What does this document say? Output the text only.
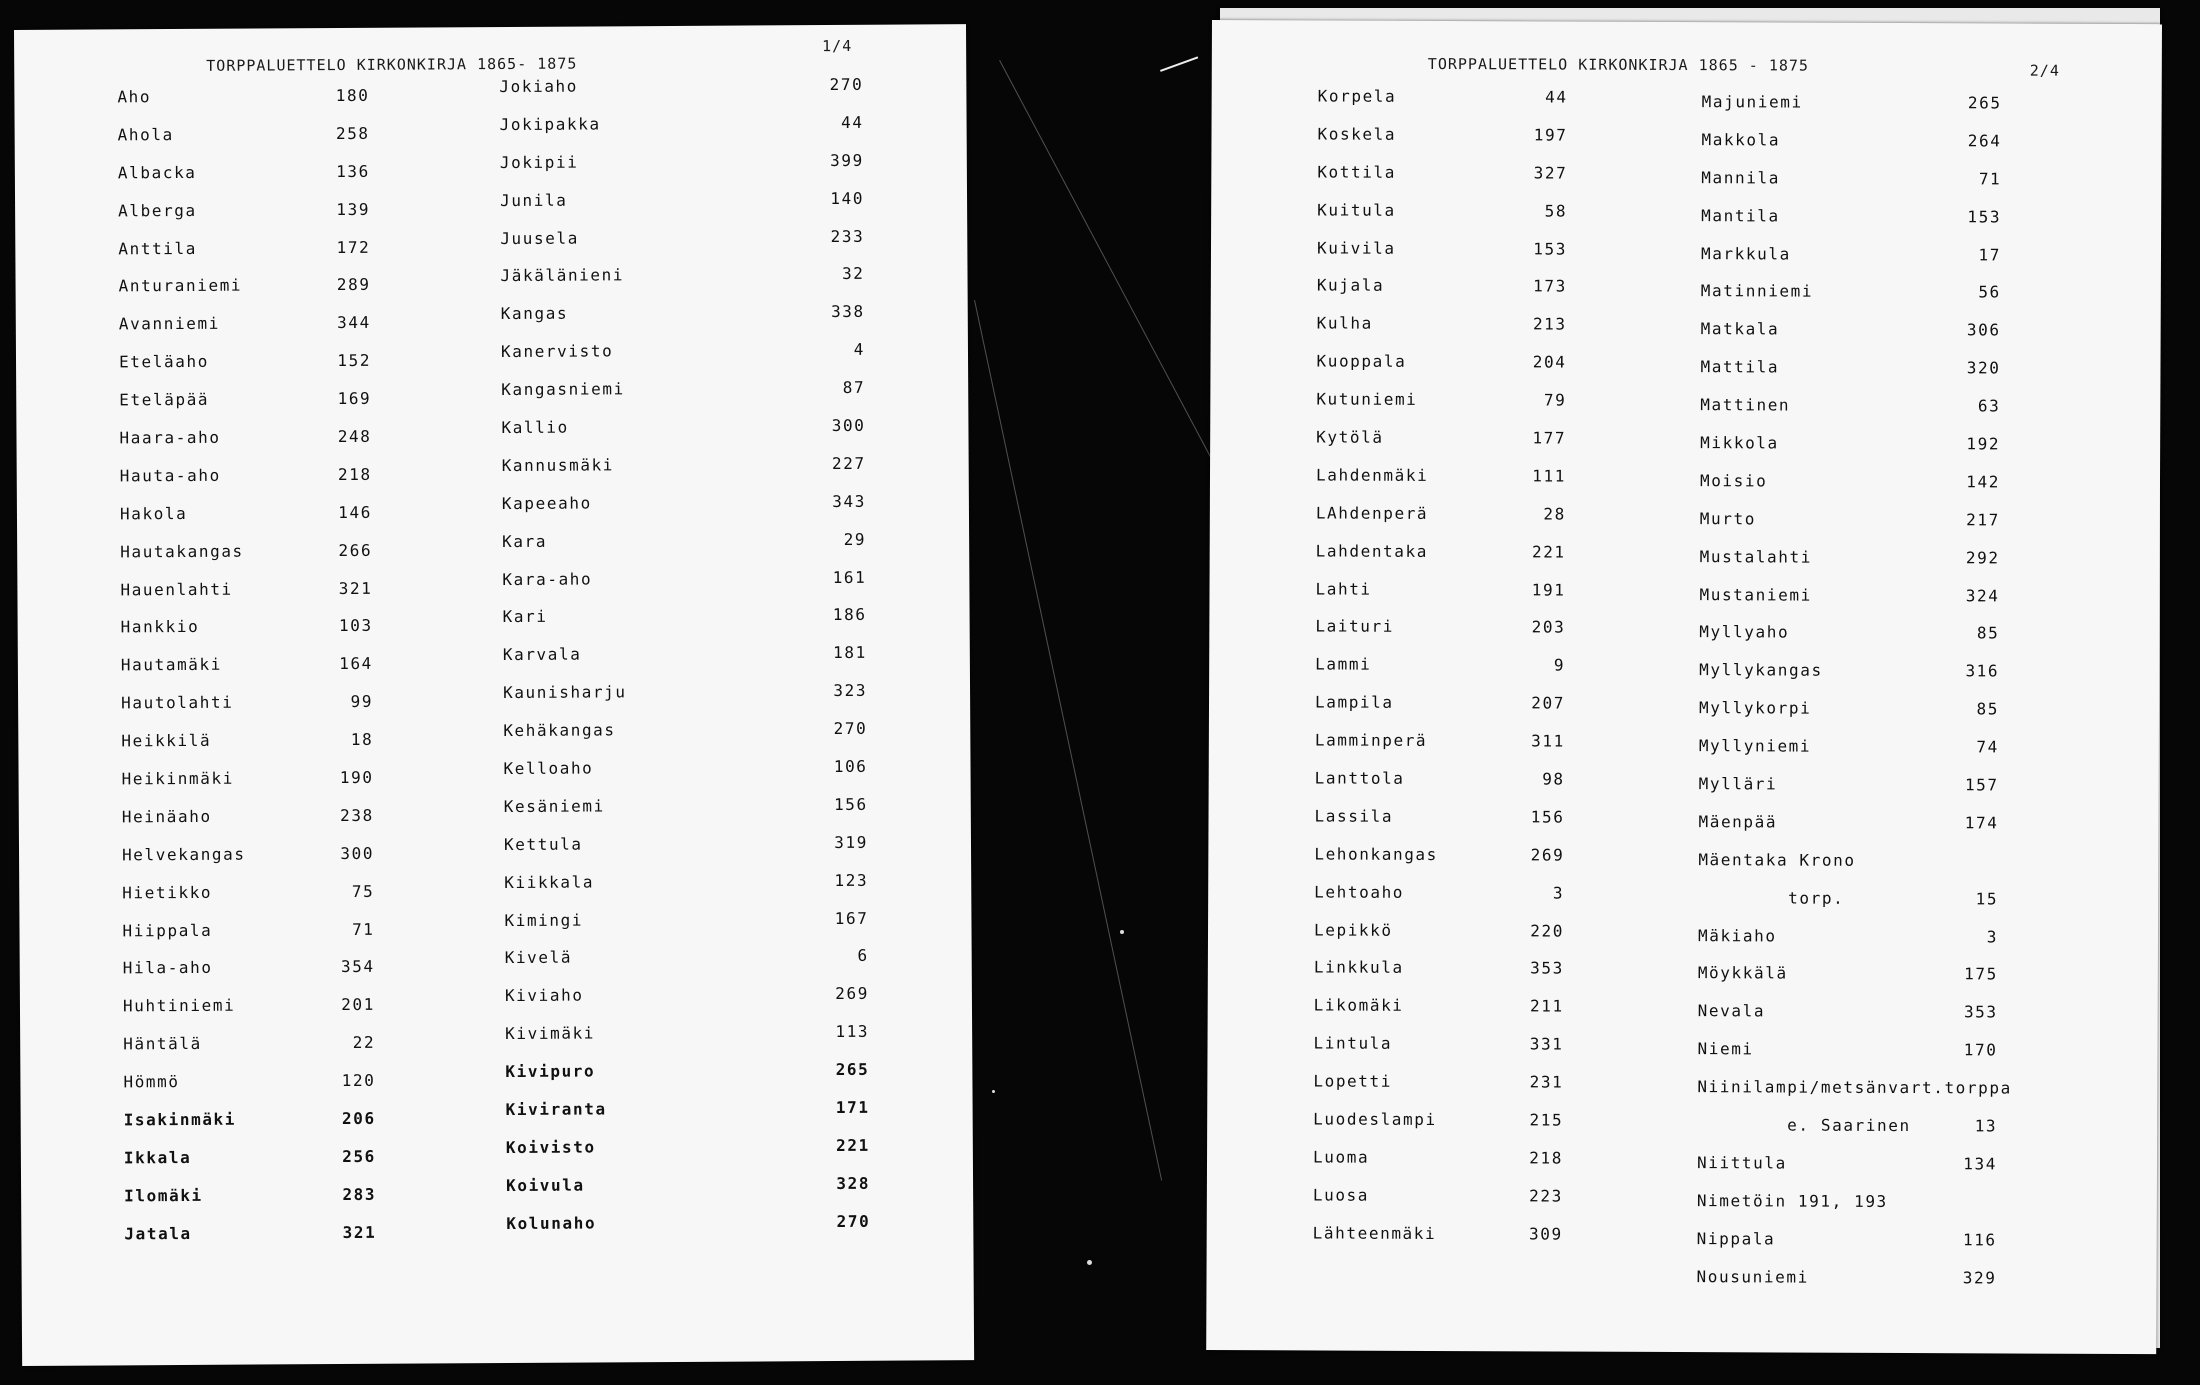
TORPPALUETTELO KIRKONKIRJA 1865- 1875
1/4
Aho	180
Ahola	258
Albacka	136
Alberga	139
Anttila	172
Anturaniemi	289
Avanniemi	344
Eteläaho	152
Eteläpää	169
Haara-aho	248
Hauta-aho	218
Hakola	146
Hautakangas	266
Hauenlahti	321
Hankkio	103
Hautamäki	164
Hautolahti	99
Heikkilä	18
Heikinmäki	190
Heinäaho	238
Helvekangas	300
Hietikko	75
Hiippala	71
Hila-aho	354
Huhtiniemi	201
Häntälä	22
Hömmö	120
Isakinmäki	206
Ikkala	256
Ilomäki	283
Jatala	321
Jokiaho	270
Jokipakka	44
Jokipii	399
Junila	140
Juusela	233
Jäkälänieni	32
Kangas	338
Kanervisto	4
Kangasniemi	87
Kallio	300
Kannusmäki	227
Kapeeaho	343
Kara	29
Kara-aho	161
Kari	186
Karvala	181
Kaunisharju	323
Kehäkangas	270
Kelloaho	106
Kesäniemi	156
Kettula	319
Kiikkala	123
Kimingi	167
Kivelä	6
Kiviaho	269
Kivimäki	113
Kivipuro	265
Kiviranta	171
Koivisto	221
Koivula	328
Kolunaho	270
TORPPALUETTELO KIRKONKIRJA 1865 - 1875	2/4
Korpela	44
Koskela	197
Kottila	327
Kuitula	58
Kuivila	153
Kujala	173
Kulha	213
Kuoppala	204
Kutuniemi	79
Kytölä	177
Lahdenmäki	111
LAhdenperä	28
Lahdentaka	221
Lahti	191
Laituri	203
Lammi	9
Lampila	207
Lamminperä	311
Lanttola	98
Lassila	156
Lehonkangas	269
Lehtoaho	3
Lepikkö	220
Linkkula	353
Likomäki	211
Lintula	331
Lopetti	231
Luodeslampi	215
Luoma	218
Luosa	223
Lähteenmäki	309
Majuniemi	265
Makkola	264
Mannila	71
Mantila	153
Markkula	17
Matinniemi	56
Matkala	306
Mattila	320
Mattinen	63
Mikkola	192
Moisio	142
Murto	217
Mustalahti	292
Mustaniemi	324
Myllyaho	85
Myllykangas	316
Myllykorpi	85
Myllyniemi	74
Mylläri	157
Mäenpää	174
Mäentaka Krono
torp.	15
Mäkiaho	3
Möykkälä	175
Nevala	353
Niemi	170
Niinilampi/metsänvart.torppa
e. Saarinen	13
Niittula	134
Nimetöin 191, 193
Nippala	116
Nousuniemi	329
